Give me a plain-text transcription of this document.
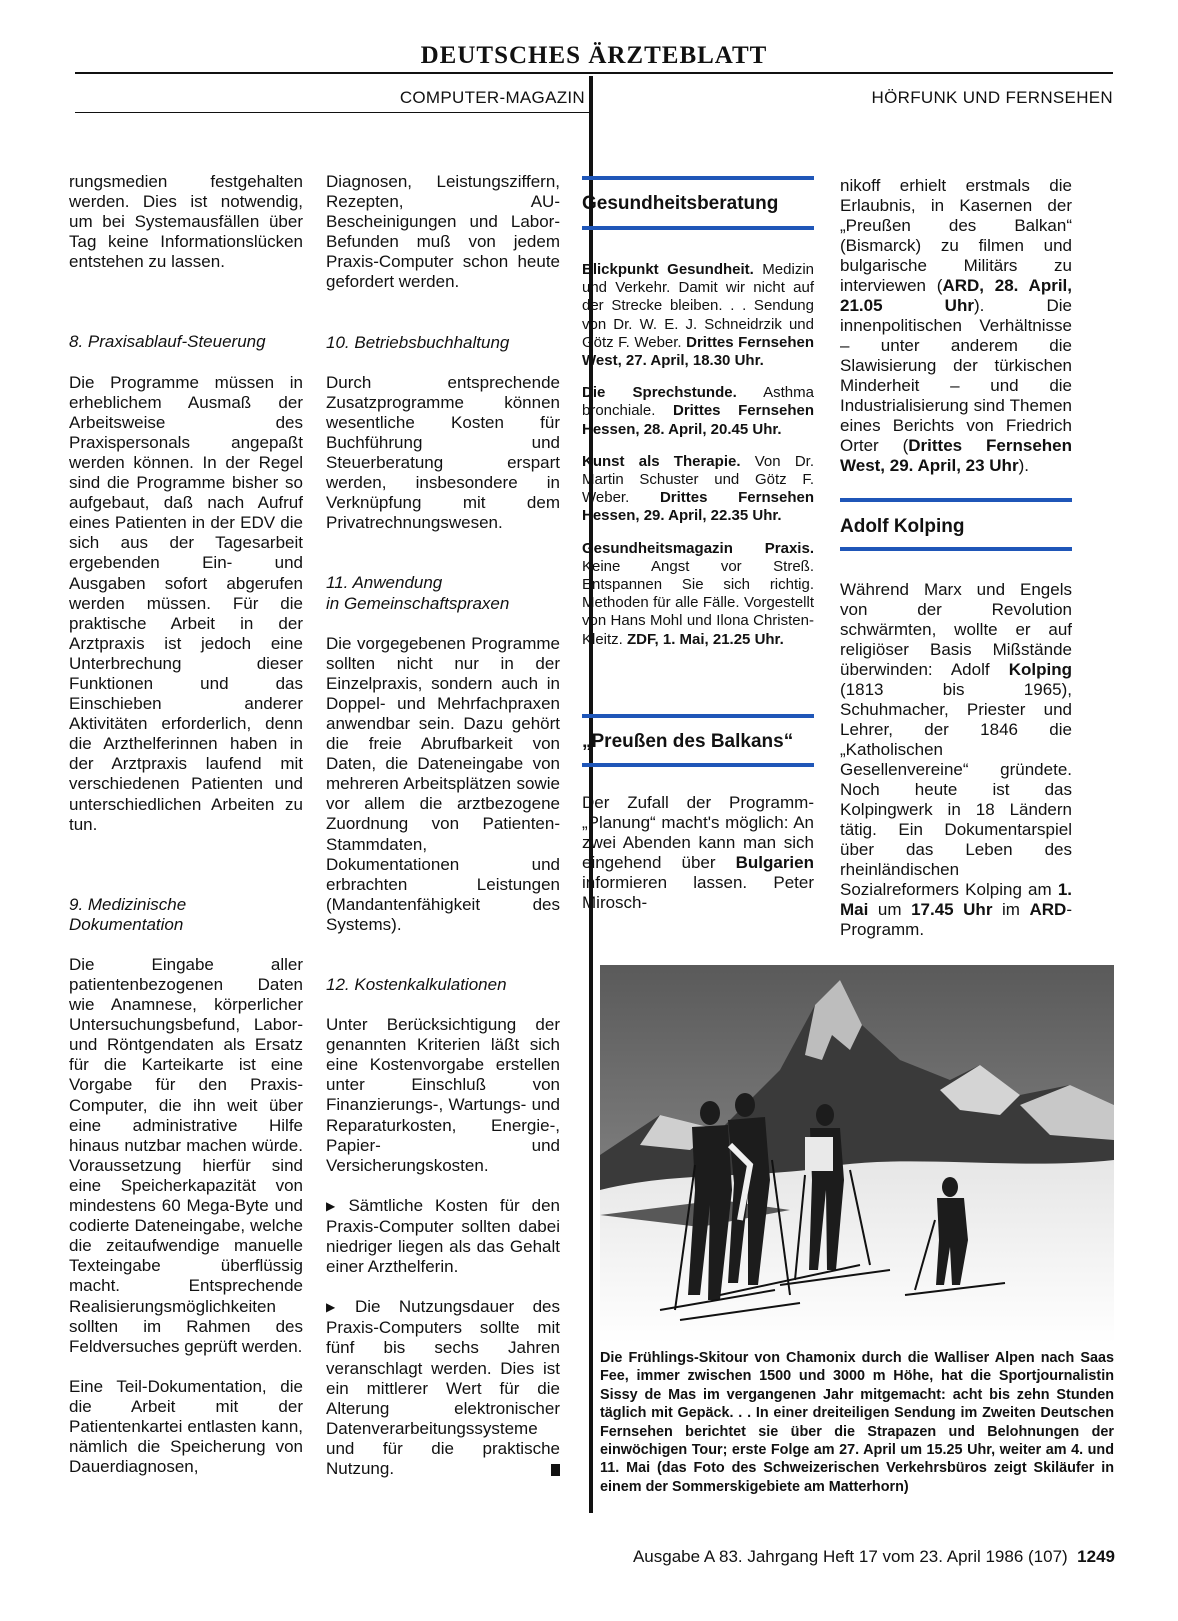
DEUTSCHES ÄRZTEBLATT
COMPUTER-MAGAZIN	HÖRFUNK UND FERNSEHEN

rungsmedien festgehalten werden. Dies ist notwendig, um bei Systemausfällen über Tag keine Informationslücken entstehen zu lassen.

8. Praxisablauf-Steuerung

Die Programme müssen in erheblichem Ausmaß der Arbeitsweise des Praxispersonals angepaßt werden können. In der Regel sind die Programme bisher so aufgebaut, daß nach Aufruf eines Patienten in der EDV die sich aus der Tagesarbeit ergebenden Ein- und Ausgaben sofort abgerufen werden müssen. Für die praktische Arbeit in der Arztpraxis ist jedoch eine Unterbrechung dieser Funktionen und das Einschieben anderer Aktivitäten erforderlich, denn die Arzthelferinnen haben in der Arztpraxis laufend mit verschiedenen Patienten und unterschiedlichen Arbeiten zu tun.

9. Medizinische

Dokumentation

Die Eingabe aller patientenbezogenen Daten wie Anamnese, körperlicher Untersuchungsbefund, Labor- und Röntgendaten als Ersatz für die Karteikarte ist eine Vorgabe für den Praxis-Computer, die ihn weit über eine administrative Hilfe hinaus nutzbar machen würde. Voraussetzung hierfür sind eine Speicherkapazität von mindestens 60 Mega-Byte und codierte Dateneingabe, welche die zeitaufwendige manuelle Texteingabe überflüssig macht. Entsprechende Realisierungsmöglichkeiten sollten im Rahmen des Feldversuches geprüft werden.

Eine Teil-Dokumentation, die die Arbeit mit der Patientenkartei entlasten kann, nämlich die Speicherung von Dauerdiagnosen,

Diagnosen, Leistungsziffern, Rezepten, AU-Bescheinigungen und Labor-Befunden muß von jedem Praxis-Computer schon heute gefordert werden.

10. Betriebsbuchhaltung

Durch entsprechende Zusatzprogramme können wesentliche Kosten für Buchführung und Steuerberatung erspart werden, insbesondere in Verknüpfung mit dem Privatrechnungswesen.

11. Anwendung

in Gemeinschaftspraxen

Die vorgegebenen Programme sollten nicht nur in der Einzelpraxis, sondern auch in Doppel- und Mehrfachpraxen anwendbar sein. Dazu gehört die freie Abrufbarkeit von Daten, die Dateneingabe von mehreren Arbeitsplätzen sowie vor allem die arztbezogene Zuordnung von Patienten-Stammdaten, Dokumentationen und erbrachten Leistungen (Mandantenfähigkeit des Systems).

12. Kostenkalkulationen

Unter Berücksichtigung der genannten Kriterien läßt sich eine Kostenvorgabe erstellen unter Einschluß von Finanzierungs-, Wartungs- und Reparaturkosten, Energie-, Papier- und Versicherungskosten.

▶ Sämtliche Kosten für den Praxis-Computer sollten dabei niedriger liegen als das Gehalt einer Arzthelferin.

▶ Die Nutzungsdauer des Praxis-Computers sollte mit fünf bis sechs Jahren veranschlagt werden. Dies ist ein mittlerer Wert für die Alterung elektronischer Datenverarbeitungssysteme und für die praktische Nutzung.

Gesundheitsberatung

Blickpunkt Gesundheit. Medizin und Verkehr. Damit wir nicht auf der Strecke bleiben. . . Sendung von Dr. W. E. J. Schneidrzik und Götz F. Weber. Drittes Fernsehen West, 27. April, 18.30 Uhr.

Die Sprechstunde. Asthma bronchiale. Drittes Fernsehen Hessen, 28. April, 20.45 Uhr.

Kunst als Therapie. Von Dr. Martin Schuster und Götz F. Weber. Drittes Fernsehen Hessen, 29. April, 22.35 Uhr.

Gesundheitsmagazin Praxis. Keine Angst vor Streß. Entspannen Sie sich richtig. Methoden für alle Fälle. Vorgestellt von Hans Mohl und Ilona Christen-Kleitz. ZDF, 1. Mai, 21.25 Uhr.

„Preußen des Balkans“

Der Zufall der Programm-„Planung“ macht's möglich: An zwei Abenden kann man sich eingehend über Bulgarien informieren lassen. Peter Mirosch-

nikoff erhielt erstmals die Erlaubnis, in Kasernen der „Preußen des Balkan“ (Bismarck) zu filmen und bulgarische Militärs zu interviewen (ARD, 28. April, 21.05 Uhr). Die innenpolitischen Verhältnisse – unter anderem die Slawisierung der türkischen Minderheit – und die Industrialisierung sind Themen eines Berichts von Friedrich Orter (Drittes Fernsehen West, 29. April, 23 Uhr).

Adolf Kolping

Während Marx und Engels von der Revolution schwärmten, wollte er auf religiöser Basis Mißstände überwinden: Adolf Kolping (1813 bis 1965), Schuhmacher, Priester und Lehrer, der 1846 die „Katholischen Gesellenvereine“ gründete. Noch heute ist das Kolpingwerk in 18 Ländern tätig. Ein Dokumentarspiel über das Leben des rheinländischen Sozialreformers Kolping am 1. Mai um 17.45 Uhr im ARD-Programm.

Die Frühlings-Skitour von Chamonix durch die Walliser Alpen nach Saas Fee, immer zwischen 1500 und 3000 m Höhe, hat die Sportjournalistin Sissy de Mas im vergangenen Jahr mitgemacht: acht bis zehn Stunden täglich mit Gepäck. . . In einer dreiteiligen Sendung im Zweiten Deutschen Fernsehen berichtet sie über die Strapazen und Belohnungen der einwöchigen Tour; erste Folge am 27. April um 15.25 Uhr, weiter am 4. und 11. Mai (das Foto des Schweizerischen Verkehrsbüros zeigt Skiläufer in einem der Sommerskigebiete am Matterhorn)
Ausgabe A 83. Jahrgang Heft 17 vom 23. April 1986 (107) 1249
